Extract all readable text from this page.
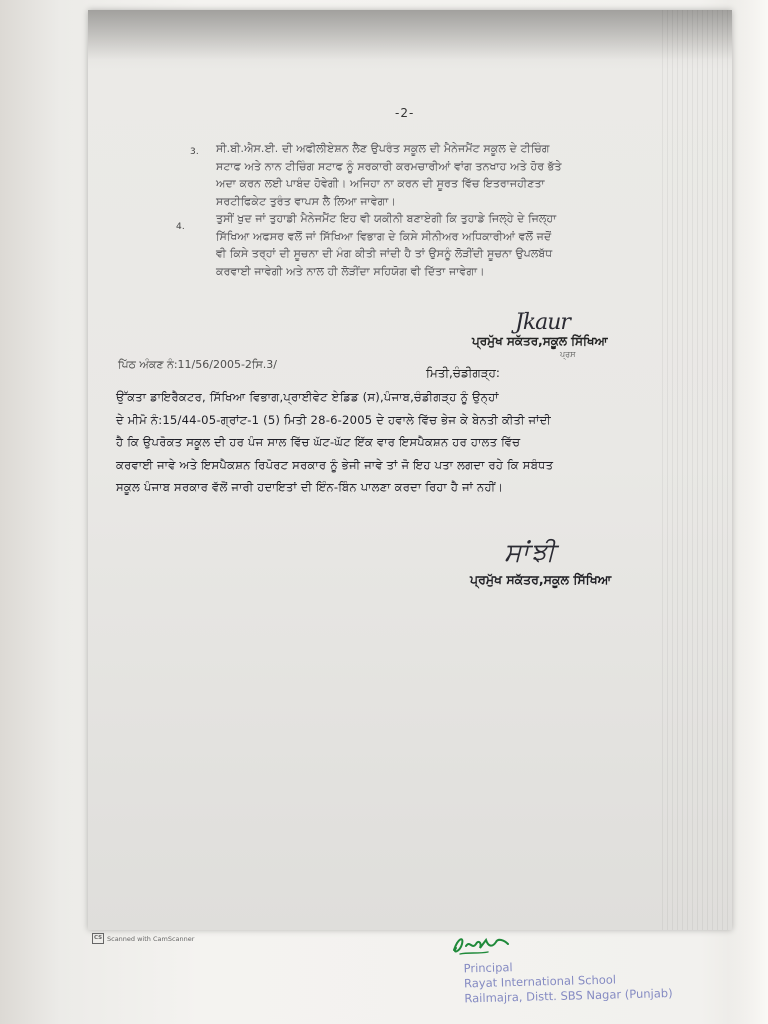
-2-
3.
4.
ਸੀ.ਬੀ.ਐਸ.ਈ. ਦੀ ਅਫੀਲੀਏਸ਼ਨ ਲੈਣ ਉਪਰੰਤ ਸਕੂਲ ਦੀ ਮੈਨੇਜਮੈਂਟ ਸਕੂਲ ਦੇ ਟੀਚਿੰਗ
ਸਟਾਫ ਅਤੇ ਨਾਨ ਟੀਚਿੰਗ ਸਟਾਫ ਨੂੰ ਸਰਕਾਰੀ ਕਰਮਚਾਰੀਆਂ ਵਾਂਗ ਤਨਖਾਹ ਅਤੇ ਹੋਰ ਭੱਤੇ
ਅਦਾ ਕਰਨ ਲਈ ਪਾਬੰਦ ਹੋਵੇਗੀ। ਅਜਿਹਾ ਨਾ ਕਰਨ ਦੀ ਸੂਰਤ ਵਿੱਚ ਇਤਰਾਜਹੀਣਤਾ
ਸਰਟੀਫਿਕੇਟ ਤੁਰੰਤ ਵਾਪਸ ਲੈ ਲਿਆ ਜਾਵੇਗਾ।
ਤੁਸੀਂ ਖੁਦ ਜਾਂ ਤੁਹਾਡੀ ਮੈਨੇਜਮੈਂਟ ਇਹ ਵੀ ਯਕੀਨੀ ਬਣਾਏਗੀ ਕਿ ਤੁਹਾਡੇ ਜਿਲ੍ਹੇ ਦੇ ਜਿਲ੍ਹਾ
ਸਿੱਖਿਆ ਅਫਸਰ ਵਲੋਂ ਜਾਂ ਸਿੱਖਿਆ ਵਿਭਾਗ ਦੇ ਕਿਸੇ ਸੀਨੀਅਰ ਅਧਿਕਾਰੀਆਂ ਵਲੋਂ ਜਦੋਂ
ਵੀ ਕਿਸੇ ਤਰ੍ਹਾਂ ਦੀ ਸੂਚਨਾ ਦੀ ਮੰਗ ਕੀਤੀ ਜਾਂਦੀ ਹੈ ਤਾਂ ਉਸਨੂੰ ਲੋੜੀਂਦੀ ਸੂਚਨਾ ਉਪਲਬੱਧ
ਕਰਵਾਈ ਜਾਵੇਗੀ ਅਤੇ ਨਾਲ ਹੀ ਲੋੜੀਂਦਾ ਸਹਿਯੋਗ ਵੀ ਦਿੱਤਾ ਜਾਵੇਗਾ।
Jkaur
ਪ੍ਰਮੁੱਖ ਸਕੱਤਰ,ਸਕੂਲ ਸਿੱਖਿਆ
ਪ੍ਰਸ
ਪਿੱਠ ਅੰਕਣ ਨੰ:11/56/2005-2ਸਿ.3/
ਮਿਤੀ,ਚੰਡੀਗੜ੍ਹ:
ਉੱਕਤਾ ਡਾਇਰੈਕਟਰ, ਸਿੱਖਿਆ ਵਿਭਾਗ,ਪ੍ਰਾਈਵੇਟ ਏਡਿਡ (ਸ),ਪੰਜਾਬ,ਚੰਡੀਗੜ੍ਹ ਨੂੰ ਉਨ੍ਹਾਂ
ਦੇ ਮੀਮੋ ਨੰ:15/44-05-ਗ੍ਰਾਂਟ-1 (5) ਮਿਤੀ 28-6-2005 ਦੇ ਹਵਾਲੇ ਵਿੱਚ ਭੇਜ ਕੇ ਬੇਨਤੀ ਕੀਤੀ ਜਾਂਦੀ
ਹੈ ਕਿ ਉਪਰੋਕਤ ਸਕੂਲ ਦੀ ਹਰ ਪੰਜ ਸਾਲ ਵਿੱਚ ਘੱਟ-ਘੱਟ ਇੱਕ ਵਾਰ ਇਸਪੈਕਸ਼ਨ ਹਰ ਹਾਲਤ ਵਿੱਚ
ਕਰਵਾਈ ਜਾਵੇ ਅਤੇ ਇਸਪੈਕਸ਼ਨ ਰਿਪੋਰਟ ਸਰਕਾਰ ਨੂੰ ਭੇਜੀ ਜਾਵੇ ਤਾਂ ਜੋ ਇਹ ਪਤਾ ਲਗਦਾ ਰਹੇ ਕਿ ਸਬੰਧਤ
ਸਕੂਲ ਪੰਜਾਬ ਸਰਕਾਰ ਵੱਲੋਂ ਜਾਰੀ ਹਦਾਇਤਾਂ ਦੀ ਇੰਨ-ਬਿੰਨ ਪਾਲਣਾ ਕਰਦਾ ਰਿਹਾ ਹੈ ਜਾਂ ਨਹੀਂ।
ਸਾਂਝੀ
ਪ੍ਰਮੁੱਖ ਸਕੱਤਰ,ਸਕੂਲ ਸਿੱਖਿਆ
CS Scanned with CamScanner
Principal
Rayat International School
Railmajra, Distt. SBS Nagar (Punjab)
